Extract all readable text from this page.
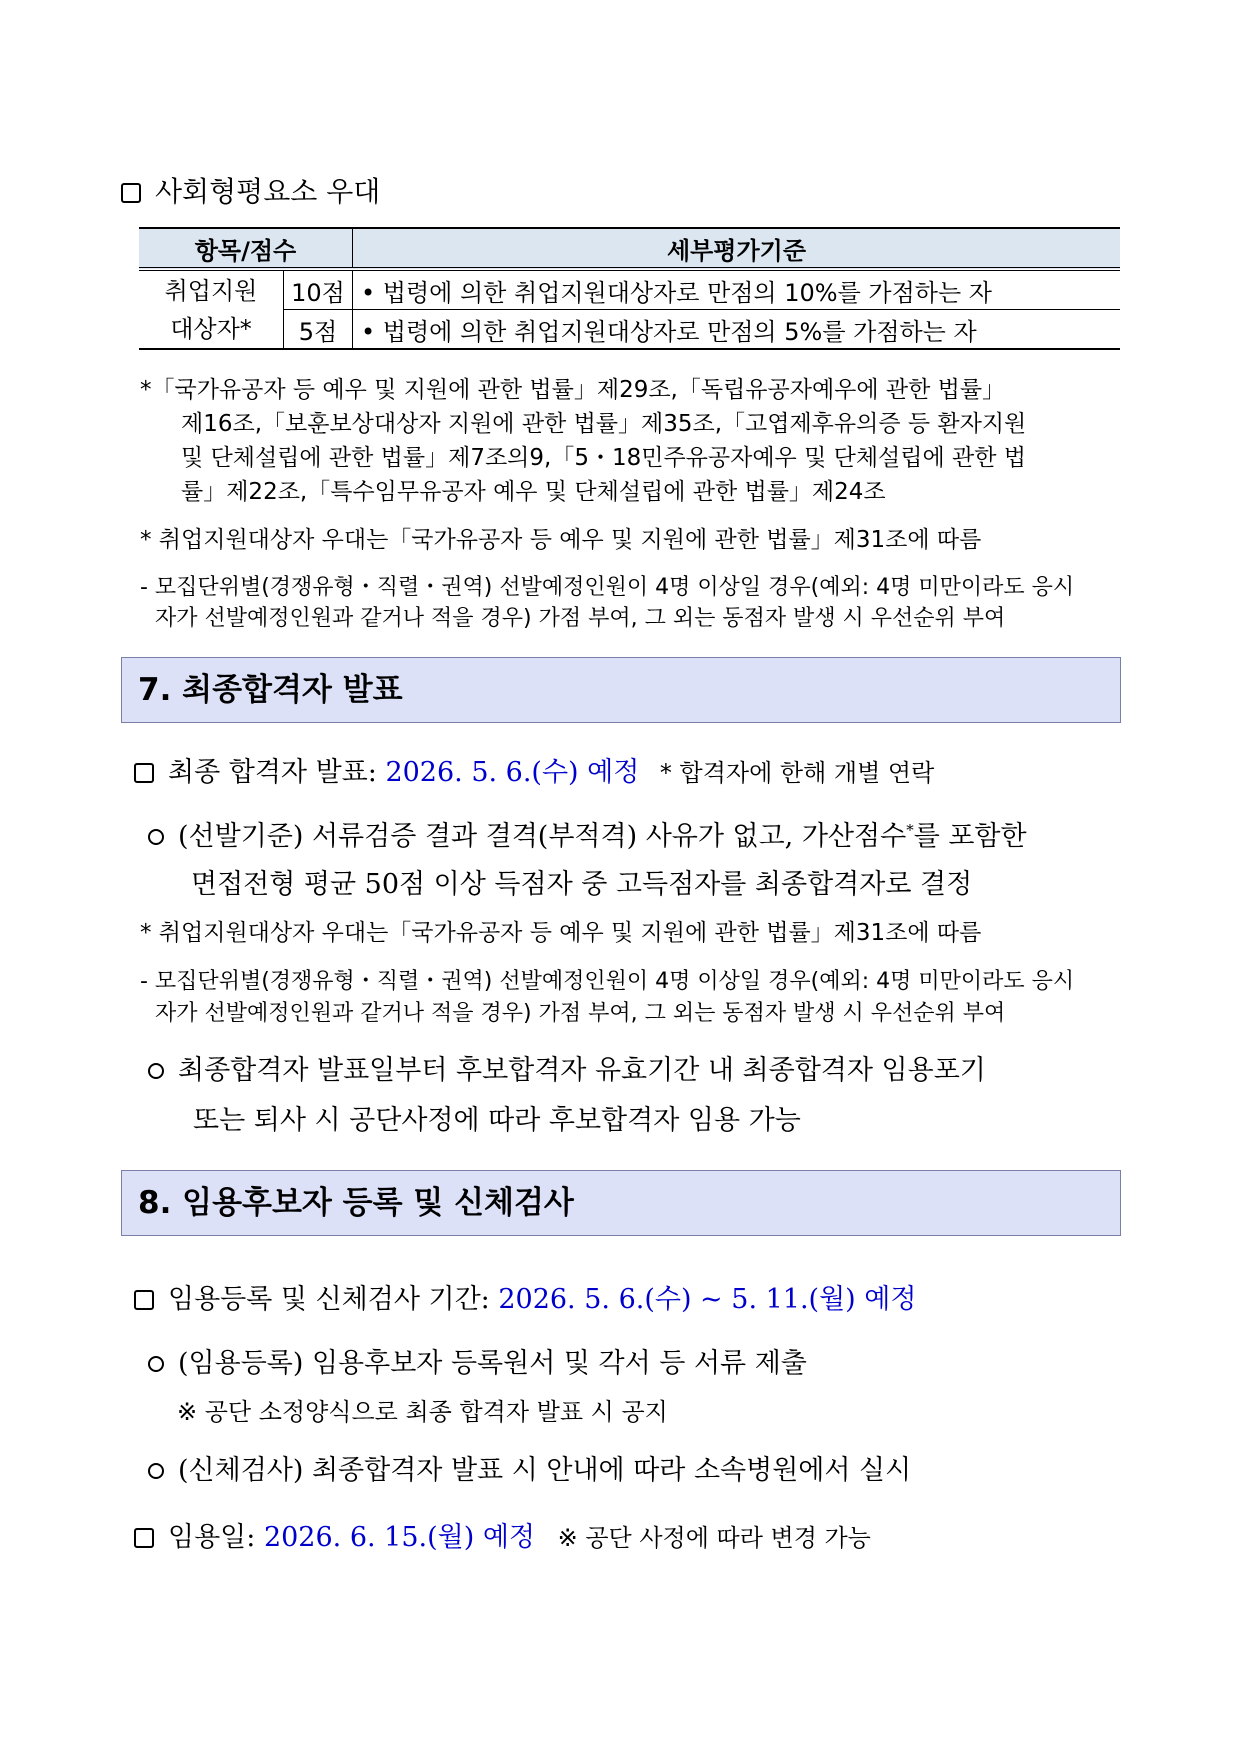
사회형평요소 우대
항목/점수		세부평가기준

취업지원
대상자*	10점	• 법령에 의한 취업지원대상자로 만점의 10%를 가점하는 자
	5점	• 법령에 의한 취업지원대상자로 만점의 5%를 가점하는 자
*「국가유공자 등 예우 및 지원에 관한 법률」제29조,「독립유공자예우에 관한 법률」
제16조,「보훈보상대상자 지원에 관한 법률」제35조,「고엽제후유의증 등 환자지원
및 단체설립에 관한 법률」제7조의9,「5・18민주유공자예우 및 단체설립에 관한 법
률」제22조,「특수임무유공자 예우 및 단체설립에 관한 법률」제24조
* 취업지원대상자 우대는「국가유공자 등 예우 및 지원에 관한 법률」제31조에 따름
- 모집단위별(경쟁유형・직렬・권역) 선발예정인원이 4명 이상일 경우(예외: 4명 미만이라도 응시
자가 선발예정인원과 같거나 적을 경우) 가점 부여, 그 외는 동점자 발생 시 우선순위 부여
7. 최종합격자 발표
최종 합격자 발표: 2026. 5. 6.(수) 예정 * 합격자에 한해 개별 연락
(선발기준) 서류검증 결과 결격(부적격) 사유가 없고, 가산점수*를 포함한
면접전형 평균 50점 이상 득점자 중 고득점자를 최종합격자로 결정
* 취업지원대상자 우대는「국가유공자 등 예우 및 지원에 관한 법률」제31조에 따름
- 모집단위별(경쟁유형・직렬・권역) 선발예정인원이 4명 이상일 경우(예외: 4명 미만이라도 응시
자가 선발예정인원과 같거나 적을 경우) 가점 부여, 그 외는 동점자 발생 시 우선순위 부여
최종합격자 발표일부터 후보합격자 유효기간 내 최종합격자 임용포기
또는 퇴사 시 공단사정에 따라 후보합격자 임용 가능
8. 임용후보자 등록 및 신체검사
임용등록 및 신체검사 기간: 2026. 5. 6.(수) ~ 5. 11.(월) 예정
(임용등록) 임용후보자 등록원서 및 각서 등 서류 제출
※ 공단 소정양식으로 최종 합격자 발표 시 공지
(신체검사) 최종합격자 발표 시 안내에 따라 소속병원에서 실시
임용일: 2026. 6. 15.(월) 예정 ※ 공단 사정에 따라 변경 가능
